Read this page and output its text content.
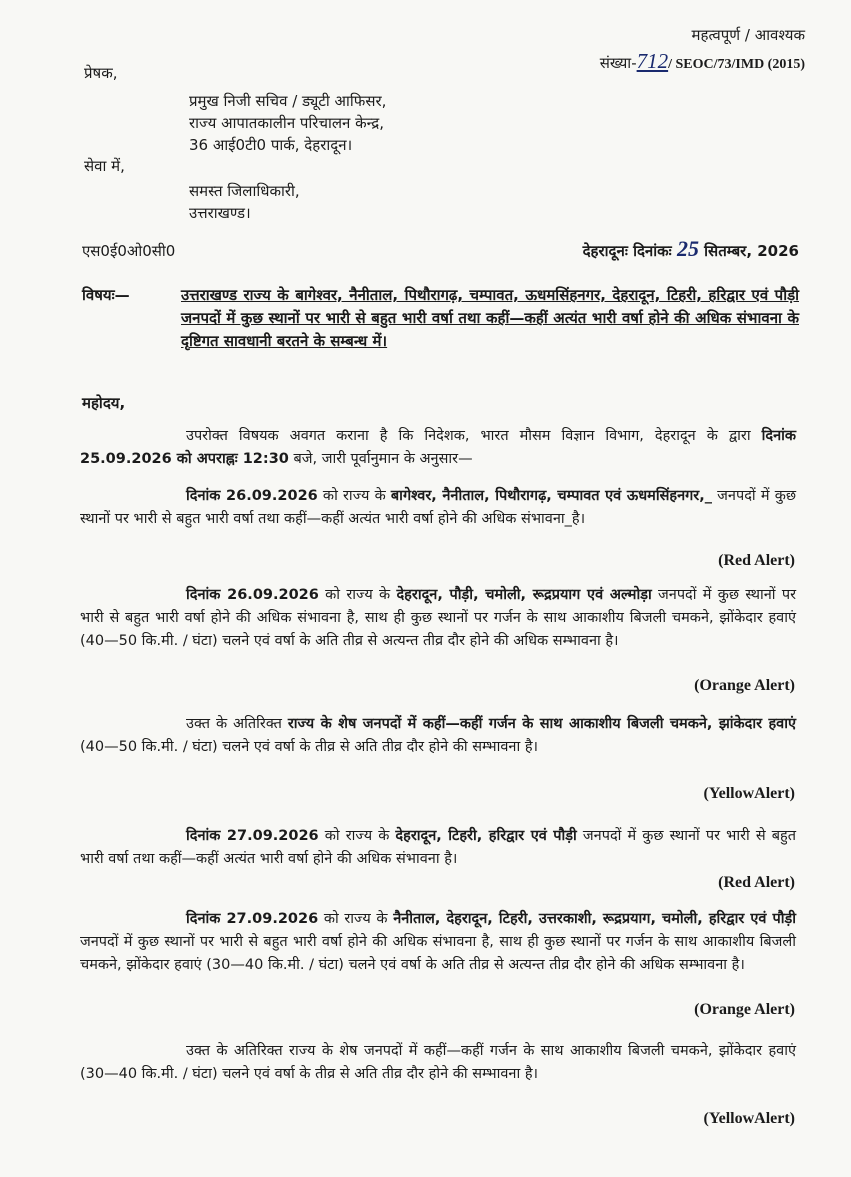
महत्वपूर्ण / आवश्यक
संख्या-712/ SEOC/73/IMD (2015)
प्रेषक,
प्रमुख निजी सचिव / ड्यूटी आफिसर,
राज्य आपातकालीन परिचालन केन्द्र,
36 आई0टी0 पार्क, देहरादून।
सेवा में,
समस्त जिलाधिकारी,
उत्तराखण्ड।
एस0ई0ओ0सी0	देहरादूनः दिनांकः 25 सितम्बर, 2026
विषयः—	उत्तराखण्ड राज्य के बागेश्वर, नैनीताल, पिथौरागढ़, चम्पावत, ऊधमसिंहनगर, देहरादून, टिहरी, हरिद्वार एवं पौड़ी जनपदों में कुछ स्थानों पर भारी से बहुत भारी वर्षा तथा कहीं—कहीं अत्यंत भारी वर्षा होने की अधिक संभावना के दृष्टिगत सावधानी बरतने के सम्बन्ध में।
महोदय,
उपरोक्त विषयक अवगत कराना है कि निदेशक, भारत मौसम विज्ञान विभाग, देहरादून के द्वारा दिनांक 25.09.2026 को अपराह्नः 12:30 बजे, जारी पूर्वानुमान के अनुसार—
दिनांक 26.09.2026 को राज्य के बागेश्वर, नैनीताल, पिथौरागढ़, चम्पावत एवं ऊधमसिंहनगर,_ जनपदों में कुछ स्थानों पर भारी से बहुत भारी वर्षा तथा कहीं—कहीं अत्यंत भारी वर्षा होने की अधिक संभावना_है।
(Red Alert)
दिनांक 26.09.2026 को राज्य के देहरादून, पौड़ी, चमोली, रूद्रप्रयाग एवं अल्मोड़ा जनपदों में कुछ स्थानों पर भारी से बहुत भारी वर्षा होने की अधिक संभावना है, साथ ही कुछ स्थानों पर गर्जन के साथ आकाशीय बिजली चमकने, झोंकेदार हवाएं (40—50 कि.मी. / घंटा) चलने एवं वर्षा के अति तीव्र से अत्यन्त तीव्र दौर होने की अधिक सम्भावना है।
(Orange Alert)
उक्त के अतिरिक्त राज्य के शेष जनपदों में कहीं—कहीं गर्जन के साथ आकाशीय बिजली चमकने, झांकेदार हवाएं (40—50 कि.मी. / घंटा) चलने एवं वर्षा के तीव्र से अति तीव्र दौर होने की सम्भावना है।
(YellowAlert)
दिनांक 27.09.2026 को राज्य के देहरादून, टिहरी, हरिद्वार एवं पौड़ी जनपदों में कुछ स्थानों पर भारी से बहुत भारी वर्षा तथा कहीं—कहीं अत्यंत भारी वर्षा होने की अधिक संभावना है।
(Red Alert)
दिनांक 27.09.2026 को राज्य के नैनीताल, देहरादून, टिहरी, उत्तरकाशी, रूद्रप्रयाग, चमोली, हरिद्वार एवं पौड़ी जनपदों में कुछ स्थानों पर भारी से बहुत भारी वर्षा होने की अधिक संभावना है, साथ ही कुछ स्थानों पर गर्जन के साथ आकाशीय बिजली चमकने, झोंकेदार हवाएं (30—40 कि.मी. / घंटा) चलने एवं वर्षा के अति तीव्र से अत्यन्त तीव्र दौर होने की अधिक सम्भावना है।
(Orange Alert)
उक्त के अतिरिक्त राज्य के शेष जनपदों में कहीं—कहीं गर्जन के साथ आकाशीय बिजली चमकने, झोंकेदार हवाएं (30—40 कि.मी. / घंटा) चलने एवं वर्षा के तीव्र से अति तीव्र दौर होने की सम्भावना है।
(YellowAlert)
